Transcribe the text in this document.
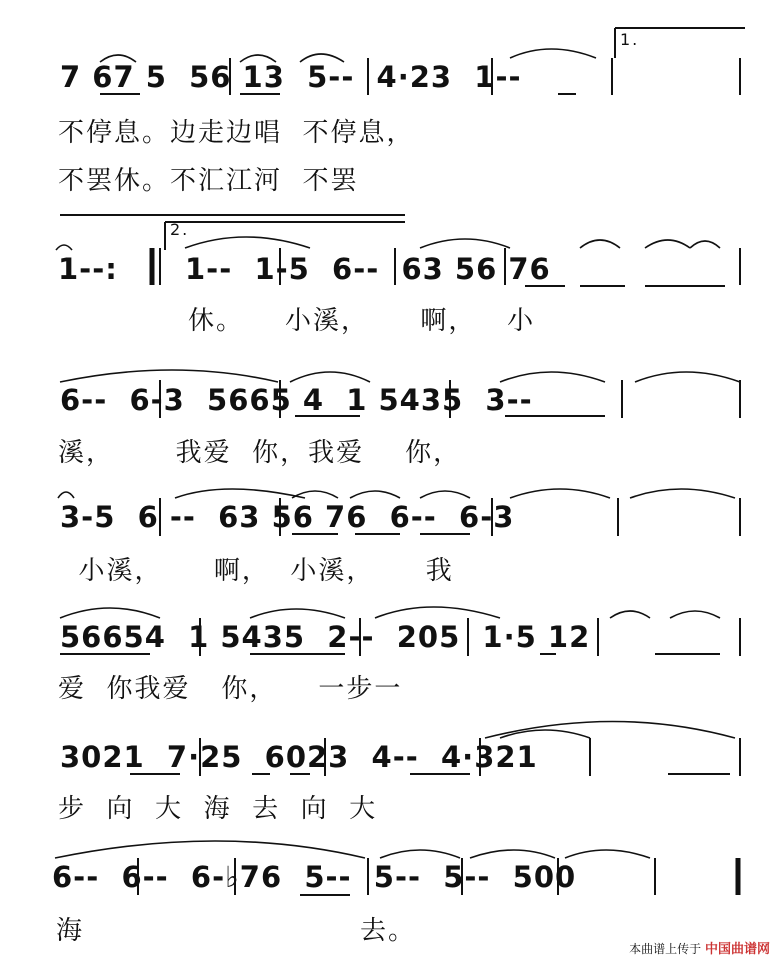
7 67 5  56 13  5--  4·23  1--
1.
不停息。边走边唱  不停息，
不罢休。不汇江河  不罢
1--:
2.
1--  1-5  6--  63 56 76
休。    小溪，     啊，   小
6--  6-3  5665 4  1 5435  3--
溪，      我爱  你，我爱    你，
3-5  6 --  63 56 76  6--  6-3
小溪，     啊，  小溪，     我
56654  1 5435  2--  205  1·5 12
爱  你我爱   你，    一步一
3021  7·25  6023  4--  4·321
步  向  大  海  去  向  大
6--  6--  6-♭76  5--  5--  5--  500
海	去。
本曲谱上传于 中国曲谱网
